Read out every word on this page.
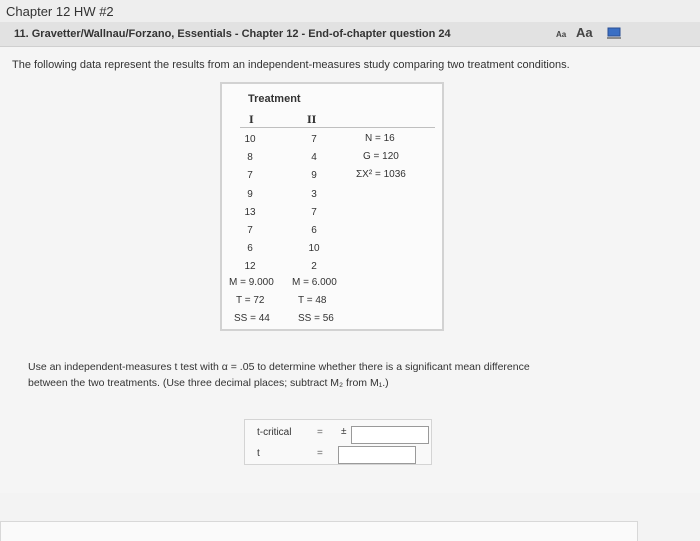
Chapter 12 HW #2
11. Gravetter/Wallnau/Forzano, Essentials - Chapter 12 - End-of-chapter question 24	Aa Aa
The following data represent the results from an independent-measures study comparing two treatment conditions.
Treatment
I	II
10	7
8	4
7	9
9	3
13	7
7	6
6	10
12	2
M = 9.000 M = 6.000
T = 72	T = 48
SS = 44	SS = 56
N = 16
G = 120
ΣX² = 1036
Use an independent-measures t test with α = .05 to determine whether there is a significant mean difference
between the two treatments. (Use three decimal places; subtract M₂ from M₁.)
t-critical	= ±
t	=
